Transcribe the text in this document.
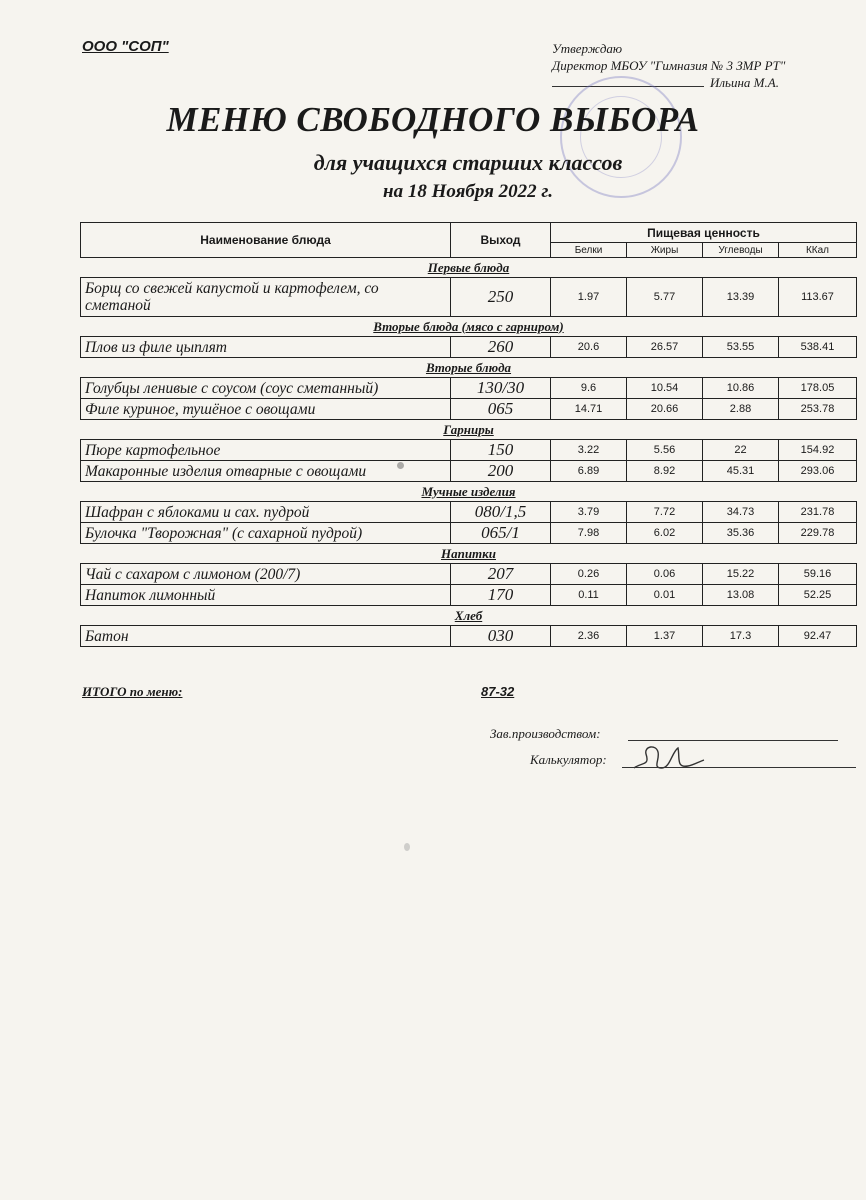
ООО "СОП"	Утверждаю
Директор МБОУ "Гимназия № 3 ЗМР РТ"
Ильина М.А.
МЕНЮ СВОБОДНОГО ВЫБОРА
для учащихся старших классов
на 18 Ноября 2022 г.
Наименование блюда	Выход	Пищевая ценность			
		Белки	Жиры	Углеводы	ККал
Первые блюда					
Борщ со свежей капустой и картофелем, со сметаной	250	1.97	5.77	13.39	113.67
Вторые блюда (мясо с гарниром)					
Плов из филе цыплят	260	20.6	26.57	53.55	538.41
Вторые блюда					
Голубцы ленивые с соусом (соус сметанный)	130/30	9.6	10.54	10.86	178.05
Филе куриное, тушёное с овощами	065	14.71	20.66	2.88	253.78
Гарниры					
Пюре картофельное	150	3.22	5.56	22	154.92
Макаронные изделия отварные с овощами	200	6.89	8.92	45.31	293.06
Мучные изделия					
Шафран с яблоками и сах. пудрой	080/1,5	3.79	7.72	34.73	231.78
Булочка "Творожная" (с сахарной пудрой)	065/1	7.98	6.02	35.36	229.78
Напитки					
Чай с сахаром с лимоном (200/7)	207	0.26	0.06	15.22	59.16
Напиток лимонный	170	0.11	0.01	13.08	52.25
Хлеб					
Батон	030	2.36	1.37	17.3	92.47
ИТОГО по меню:	87-32
Зав.производством:
Калькулятор:
